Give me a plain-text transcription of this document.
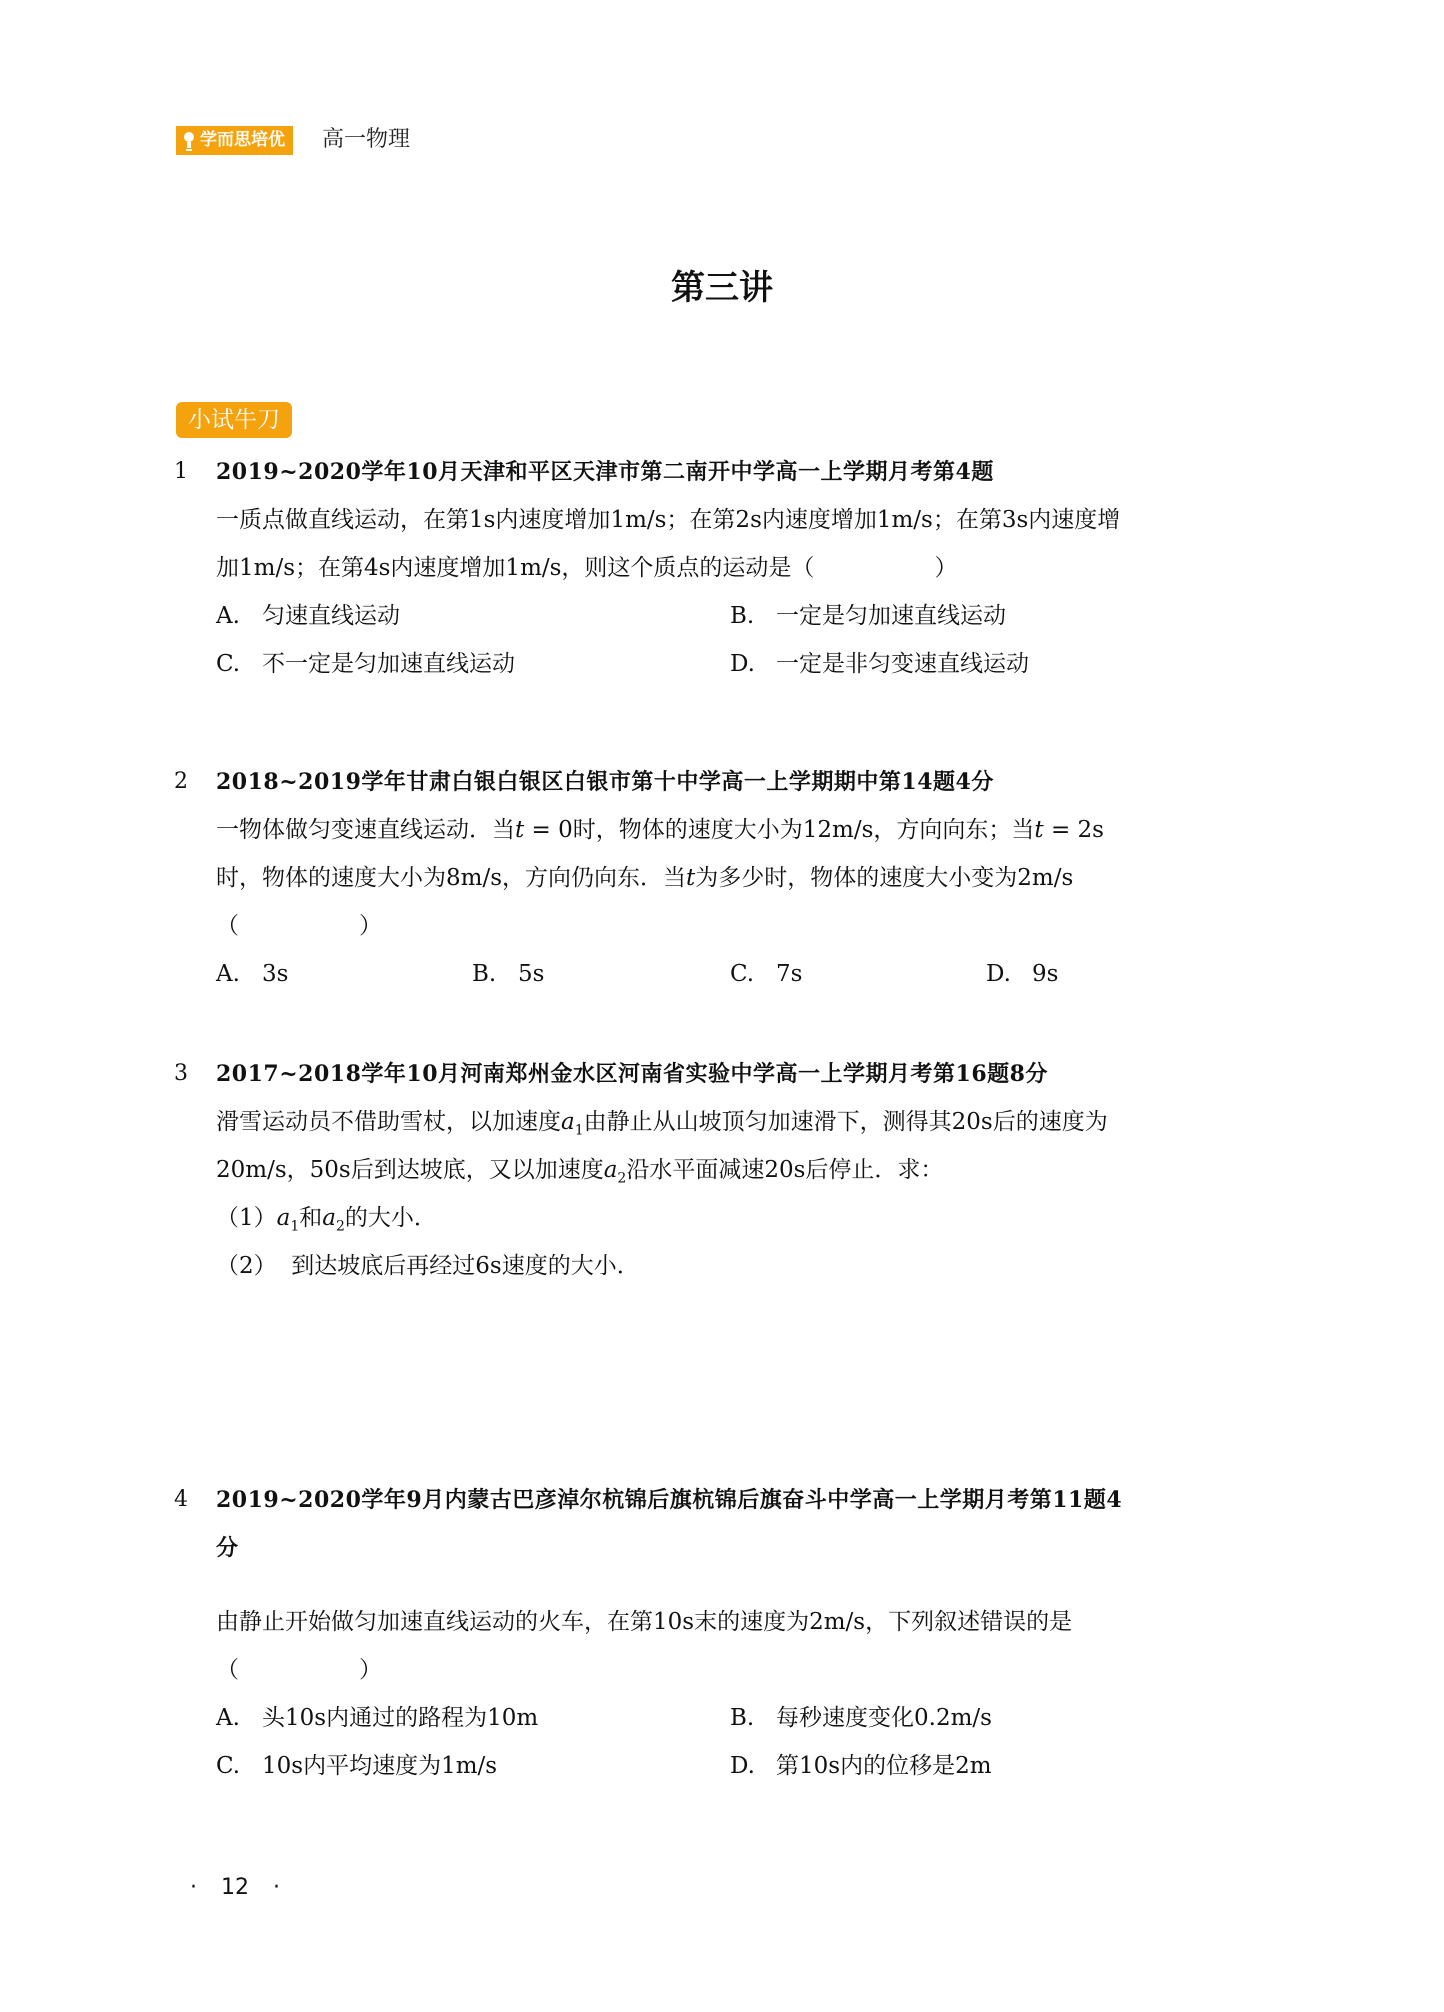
学而思培优 高一物理
第三讲
小试牛刀
1	2019~2020学年10月天津和平区天津市第二南开中学高一上学期月考第4题
一质点做直线运动，在第1s内速度增加1m/s；在第2s内速度增加1m/s；在第3s内速度增
加1m/s；在第4s内速度增加1m/s，则这个质点的运动是（	）
A. 匀速直线运动	B. 一定是匀加速直线运动
C. 不一定是匀加速直线运动	D. 一定是非匀变速直线运动
2	2018~2019学年甘肃白银白银区白银市第十中学高一上学期期中第14题4分
一物体做匀变速直线运动．当t = 0时，物体的速度大小为12m/s，方向向东；当t = 2s
时，物体的速度大小为8m/s，方向仍向东．当t为多少时，物体的速度大小变为2m/s
（	）
A. 3s	B. 5s	C. 7s	D. 9s
3	2017~2018学年10月河南郑州金水区河南省实验中学高一上学期月考第16题8分
滑雪运动员不借助雪杖，以加速度$a_1$由静止从山坡顶匀加速滑下，测得其20s后的速度为
20m/s，50s后到达坡底，又以加速度$a_2$沿水平面减速20s后停止．求：
$(1)a_1$和$a_2$的大小．
（2）  到达坡底后再经过6s速度的大小．
4	2019~2020学年9月内蒙古巴彦淖尔杭锦后旗杭锦后旗奋斗中学高一上学期月考第11题4
分
由静止开始做匀加速直线运动的火车，在第10s末的速度为2m/s，下列叙述错误的是
（	）
A. 头10s内通过的路程为10m	B. 每秒速度变化0.2m/s
C. 10s内平均速度为1m/s	D. 第10s内的位移是2m
· 12 ·
